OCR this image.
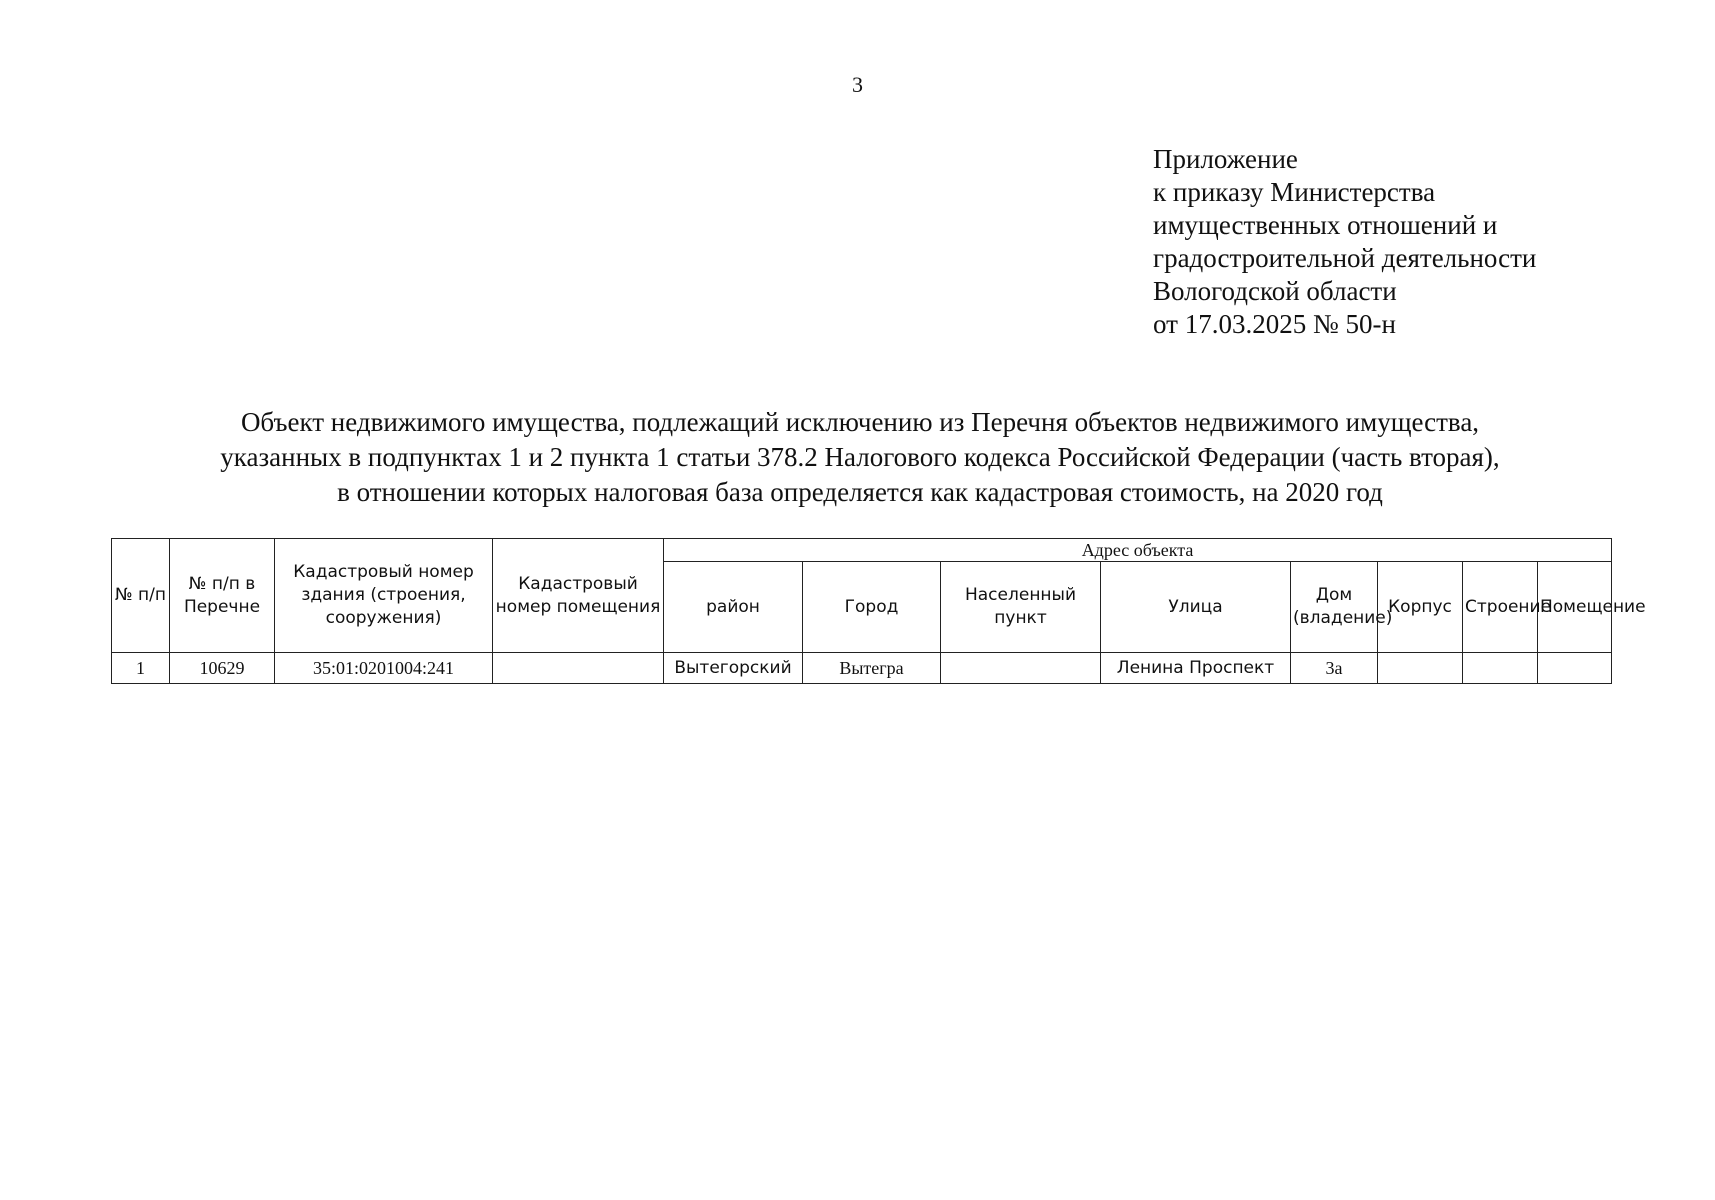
3
Приложение
к приказу Министерства
имущественных отношений и
градостроительной деятельности
Вологодской области
от 17.03.2025 № 50-н
Объект недвижимого имущества, подлежащий исключению из Перечня объектов недвижимого имущества,
указанных в подпунктах 1 и 2 пункта 1 статьи 378.2 Налогового кодекса Российской Федерации (часть вторая),
в отношении которых налоговая база определяется как кадастровая стоимость, на 2020 год
№ п/п	№ п/п в Перечне	Кадастровый номер здания (строения, сооружения)	Кадастровый номер помещения	Адрес объекта							
				район	Город	Населенный пункт	Улица	Дом (владение)	Корпус	Строение	Помещение
1	10629	35:01:0201004:241		Вытегорский	Вытегра		Ленина Проспект	3а			
